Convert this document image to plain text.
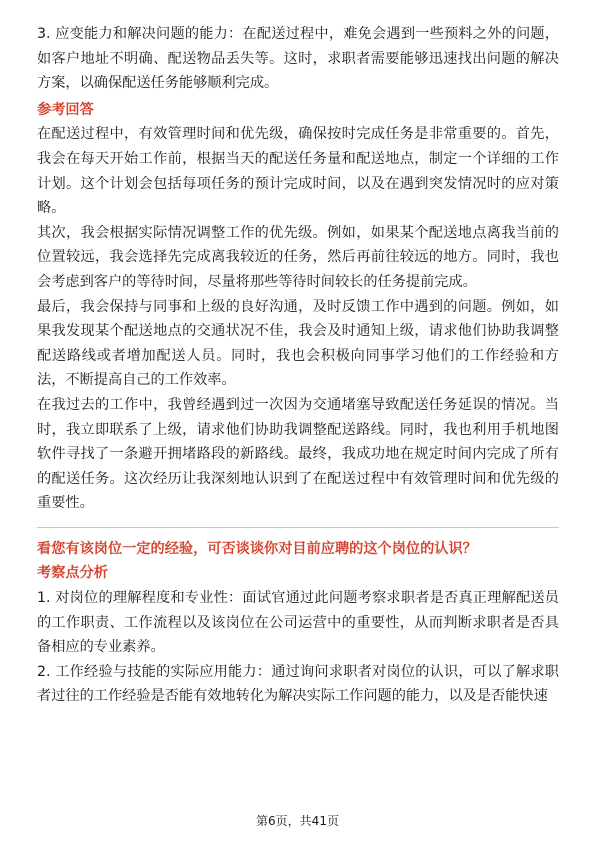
3. 应变能力和解决问题的能力：在配送过程中，难免会遇到一些预料之外的问题，如客户地址不明确、配送物品丢失等。这时，求职者需要能够迅速找出问题的解决方案，以确保配送任务能够顺利完成。

参考回答

在配送过程中，有效管理时间和优先级，确保按时完成任务是非常重要的。首先，我会在每天开始工作前，根据当天的配送任务量和配送地点，制定一个详细的工作计划。这个计划会包括每项任务的预计完成时间，以及在遇到突发情况时的应对策略。

其次，我会根据实际情况调整工作的优先级。例如，如果某个配送地点离我当前的位置较远，我会选择先完成离我较近的任务，然后再前往较远的地方。同时，我也会考虑到客户的等待时间，尽量将那些等待时间较长的任务提前完成。

最后，我会保持与同事和上级的良好沟通，及时反馈工作中遇到的问题。例如，如果我发现某个配送地点的交通状况不佳，我会及时通知上级，请求他们协助我调整配送路线或者增加配送人员。同时，我也会积极向同事学习他们的工作经验和方法，不断提高自己的工作效率。

在我过去的工作中，我曾经遇到过一次因为交通堵塞导致配送任务延误的情况。当时，我立即联系了上级，请求他们协助我调整配送路线。同时，我也利用手机地图软件寻找了一条避开拥堵路段的新路线。最终，我成功地在规定时间内完成了所有的配送任务。这次经历让我深刻地认识到了在配送过程中有效管理时间和优先级的重要性。

看您有该岗位一定的经验，可否谈谈你对目前应聘的这个岗位的认识？

考察点分析

1. 对岗位的理解程度和专业性：面试官通过此问题考察求职者是否真正理解配送员的工作职责、工作流程以及该岗位在公司运营中的重要性，从而判断求职者是否具备相应的专业素养。

2. 工作经验与技能的实际应用能力：通过询问求职者对岗位的认识，可以了解求职者过往的工作经验是否能有效地转化为解决实际工作问题的能力，以及是否能快速

第6页，共41页
